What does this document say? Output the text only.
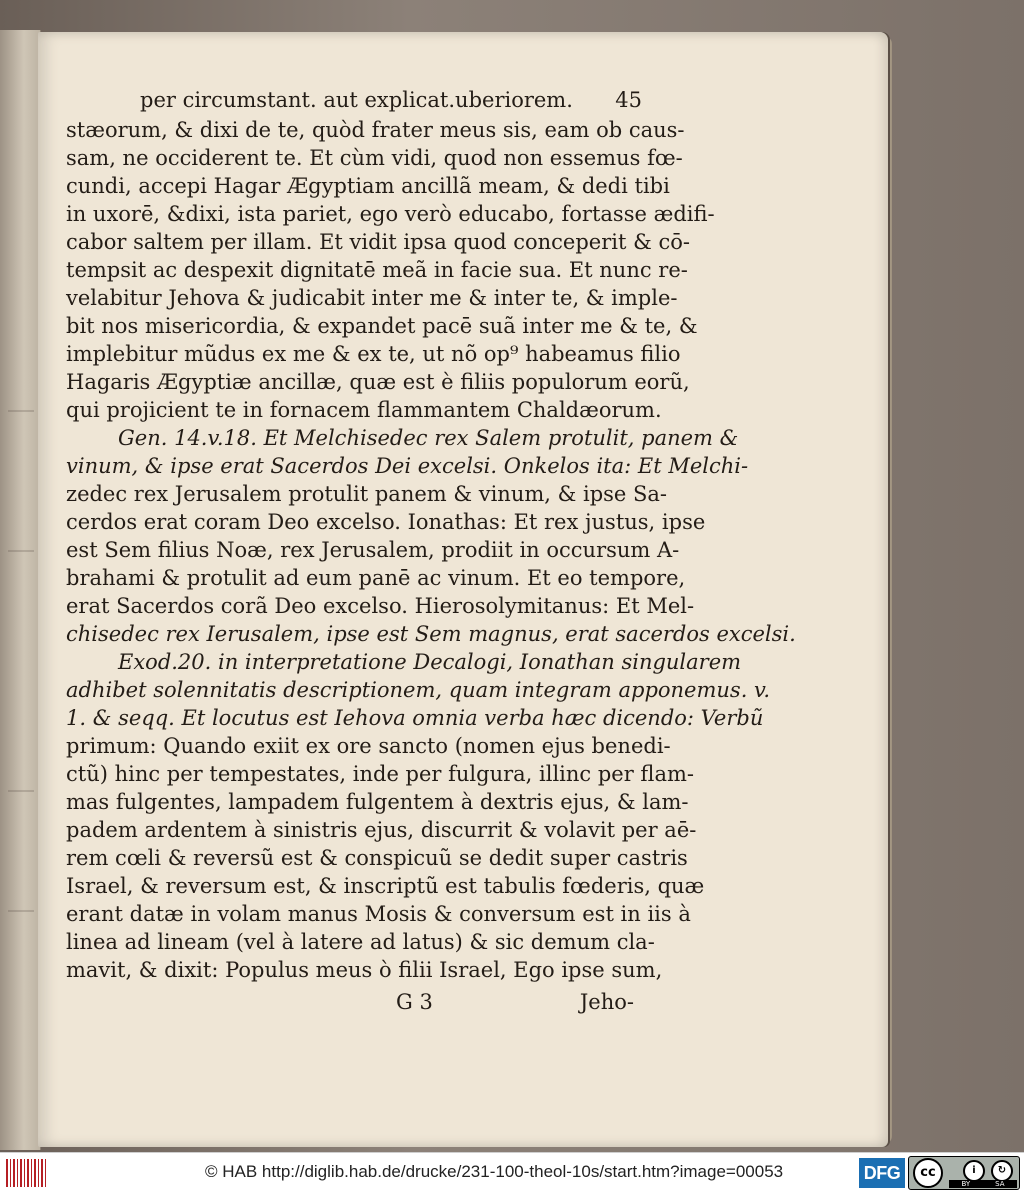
per circumstant. aut explicat.uberiorem. 45
stæorum, & dixi de te, quòd frater meus sis, eam ob caus-
sam, ne occiderent te. Et cùm vidi, quod non essemus fœ-
cundi, accepi Hagar Ægyptiam ancillã meam, & dedi tibi
in uxorē, &dixi, ista pariet, ego verò educabo, fortasse ædifi-
cabor saltem per illam. Et vidit ipsa quod conceperit & cō-
tempsit ac despexit dignitatē meã in facie sua. Et nunc re-
velabitur Jehova & judicabit inter me & inter te, & imple-
bit nos misericordia, & expandet pacē suã inter me & te, &
implebitur mũdus ex me & ex te, ut nõ op⁹ habeamus filio
Hagaris Ægyptiæ ancillæ, quæ est è filiis populorum eorũ,
qui projicient te in fornacem flammantem Chaldæorum.
Gen. 14.v.18. Et Melchisedec rex Salem protulit, panem &
vinum, & ipse erat Sacerdos Dei excelsi. Onkelos ita: Et Melchi-
zedec rex Jerusalem protulit panem & vinum, & ipse Sa-
cerdos erat coram Deo excelso. Ionathas: Et rex justus, ipse
est Sem filius Noæ, rex Jerusalem, prodiit in occursum A-
brahami & protulit ad eum panē ac vinum. Et eo tempore,
erat Sacerdos corã Deo excelso. Hierosolymitanus: Et Mel-
chisedec rex Ierusalem, ipse est Sem magnus, erat sacerdos excelsi.
Exod.20. in interpretatione Decalogi, Ionathan singularem
adhibet solennitatis descriptionem, quam integram apponemus. v.
1. & seqq. Et locutus est Iehova omnia verba hæc dicendo: Verbũ
primum: Quando exiit ex ore sancto (nomen ejus benedi-
ctũ) hinc per tempestates, inde per fulgura, illinc per flam-
mas fulgentes, lampadem fulgentem à dextris ejus, & lam-
padem ardentem à sinistris ejus, discurrit & volavit per aē-
rem cœli & reversũ est & conspicuũ se dedit super castris
Israel, & reversum est, & inscriptũ est tabulis fœderis, quæ
erant datæ in volam manus Mosis & conversum est in iis à
linea ad lineam (vel à latere ad latus) & sic demum cla-
mavit, & dixit: Populus meus ò filii Israel, Ego ipse sum,
G 3	Jeho-
© HAB http://diglib.hab.de/drucke/231-100-theol-10s/start.htm?image=00053	DFG	cc	i	↻
BY	SA
